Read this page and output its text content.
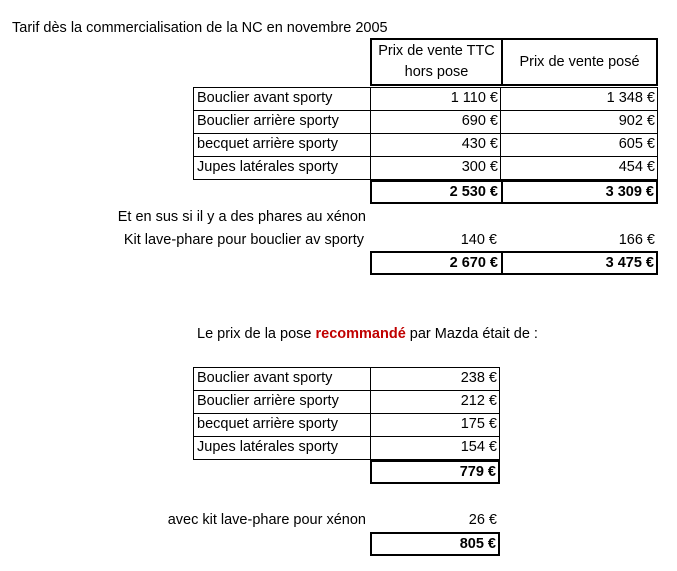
Tarif dès la commercialisation de la NC en novembre 2005
Prix de vente TTC hors pose
Prix de vente posé
Bouclier avant sporty	1 110 €	1 348 €
Bouclier arrière sporty	690 €	902 €
becquet arrière sporty	430 €	605 €
Jupes latérales sporty	300 €	454 €
2 530 €	3 309 €
Et en sus si il y a des phares au xénon
Kit lave-phare pour bouclier av sporty	140 €	166 €
2 670 €	3 475 €
Le prix de la pose recommandé par Mazda était de :
Bouclier avant sporty	238 €
Bouclier arrière sporty	212 €
becquet arrière sporty	175 €
Jupes latérales sporty	154 €
779 €
avec kit lave-phare pour xénon	26 €
805 €
